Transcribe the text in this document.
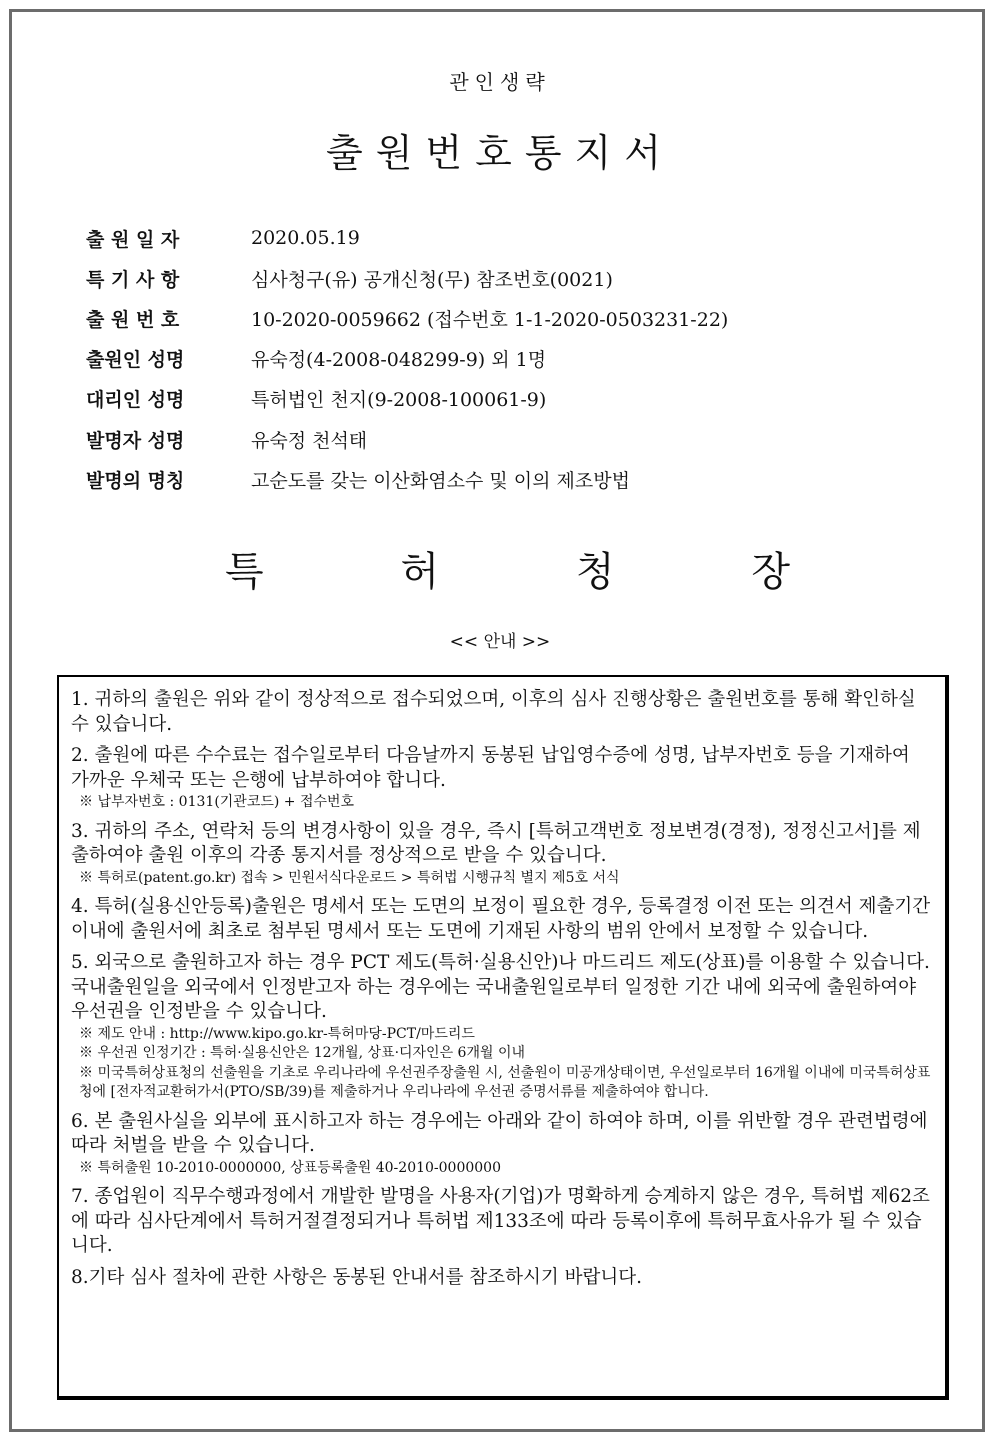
관인생략
출원번호통지서
출 원 일 자	2020.05.19
특 기 사 항	심사청구(유) 공개신청(무) 참조번호(0021)
출 원 번 호	10-2020-0059662 (접수번호 1-1-2020-0503231-22)
출원인 성명	유숙정(4-2008-048299-9) 외 1명
대리인 성명	특허법인 천지(9-2008-100061-9)
발명자 성명	유숙정 천석태
발명의 명칭	고순도를 갖는 이산화염소수 및 이의 제조방법
특	허	청	장
<< 안내 >>
1. 귀하의 출원은 위와 같이 정상적으로 접수되었으며, 이후의 심사 진행상황은 출원번호를 통해 확인하실 수 있습니다.
2. 출원에 따른 수수료는 접수일로부터 다음날까지 동봉된 납입영수증에 성명, 납부자번호 등을 기재하여 가까운 우체국 또는 은행에 납부하여야 합니다.
※ 납부자번호 : 0131(기관코드) + 접수번호
3. 귀하의 주소, 연락처 등의 변경사항이 있을 경우, 즉시 [특허고객번호 정보변경(경정), 정정신고서]를 제출하여야 출원 이후의 각종 통지서를 정상적으로 받을 수 있습니다.
※ 특허로(patent.go.kr) 접속 > 민원서식다운로드 > 특허법 시행규칙 별지 제5호 서식
4. 특허(실용신안등록)출원은 명세서 또는 도면의 보정이 필요한 경우, 등록결정 이전 또는 의견서 제출기간 이내에 출원서에 최초로 첨부된 명세서 또는 도면에 기재된 사항의 범위 안에서 보정할 수 있습니다.
5. 외국으로 출원하고자 하는 경우 PCT 제도(특허·실용신안)나 마드리드 제도(상표)를 이용할 수 있습니다. 국내출원일을 외국에서 인정받고자 하는 경우에는 국내출원일로부터 일정한 기간 내에 외국에 출원하여야 우선권을 인정받을 수 있습니다.
※ 제도 안내 : http://www.kipo.go.kr-특허마당-PCT/마드리드
※ 우선권 인정기간 : 특허·실용신안은 12개월, 상표·디자인은 6개월 이내
※ 미국특허상표청의 선출원을 기초로 우리나라에 우선권주장출원 시, 선출원이 미공개상태이면, 우선일로부터 16개월 이내에 미국특허상표청에 [전자적교환허가서(PTO/SB/39)를 제출하거나 우리나라에 우선권 증명서류를 제출하여야 합니다.
6. 본 출원사실을 외부에 표시하고자 하는 경우에는 아래와 같이 하여야 하며, 이를 위반할 경우 관련법령에 따라 처벌을 받을 수 있습니다.
※ 특허출원 10-2010-0000000, 상표등록출원 40-2010-0000000
7. 종업원이 직무수행과정에서 개발한 발명을 사용자(기업)가 명확하게 승계하지 않은 경우, 특허법 제62조에 따라 심사단계에서 특허거절결정되거나 특허법 제133조에 따라 등록이후에 특허무효사유가 될 수 있습니다.
8.기타 심사 절차에 관한 사항은 동봉된 안내서를 참조하시기 바랍니다.
